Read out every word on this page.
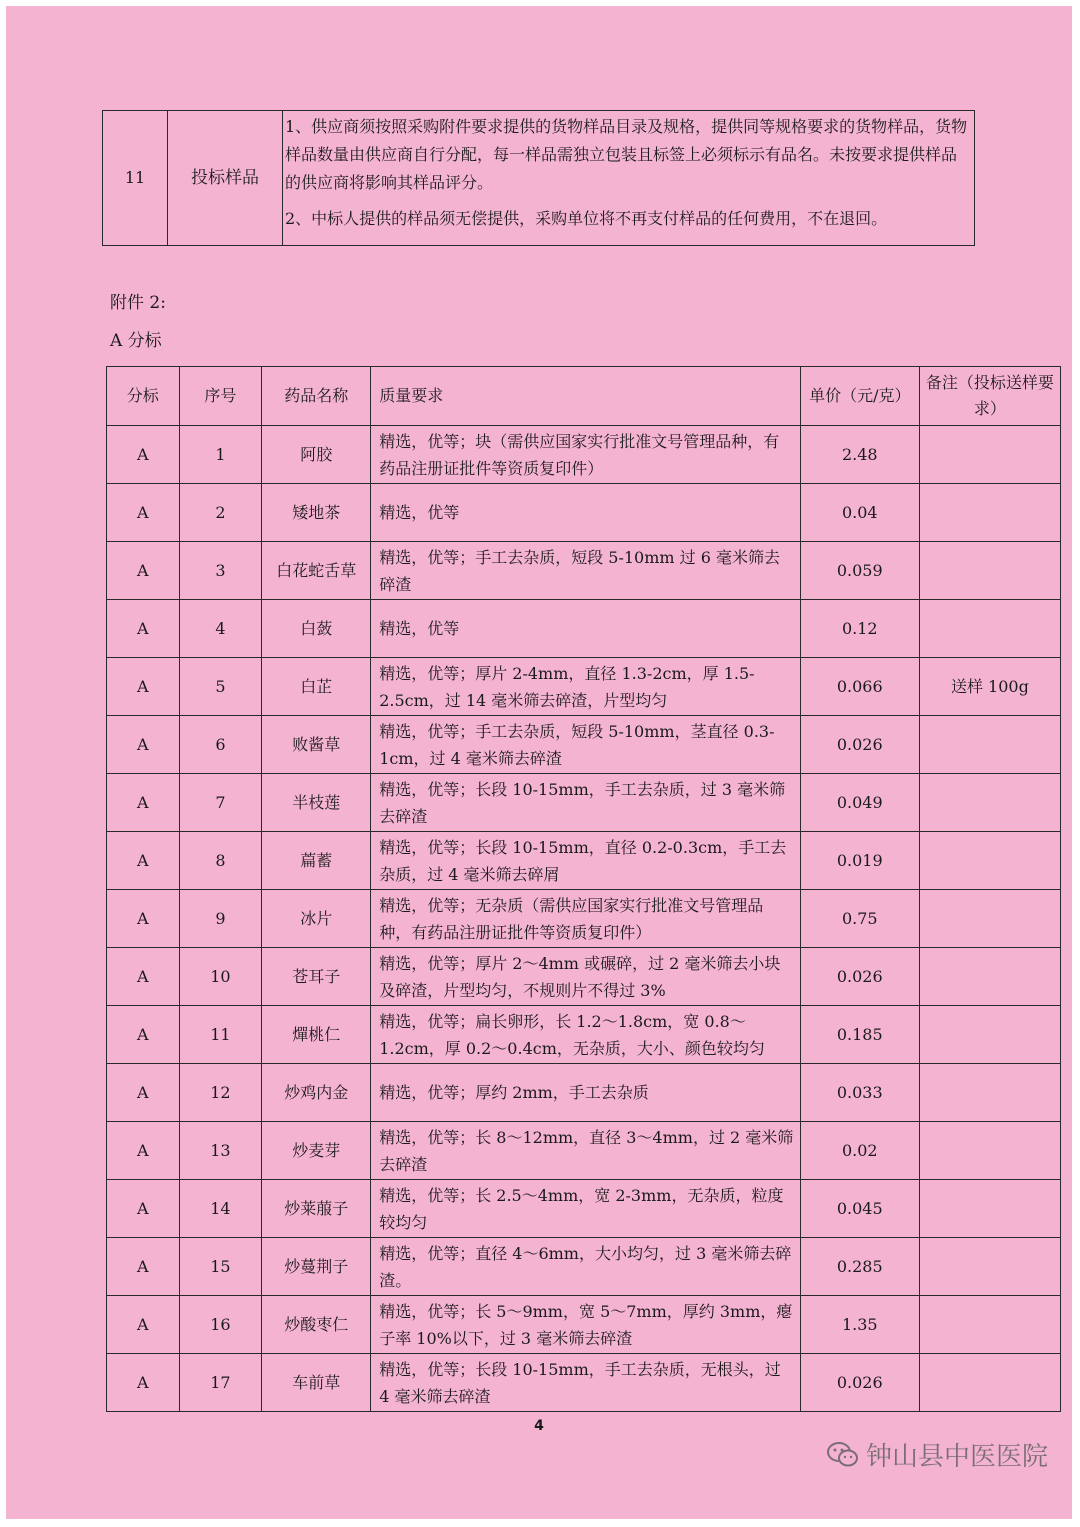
11	投标样品	

1、供应商须按照采购附件要求提供的货物样品目录及规格，提供同等规格要求的货物样品，货物样品数量由供应商自行分配，每一样品需独立包装且标签上必须标示有品名。未按要求提供样品的供应商将影响其样品评分。

2、中标人提供的样品须无偿提供，采购单位将不再支付样品的任何费用，不在退回。

附件 2:
A 分标
分标	序号	药品名称	质量要求	单价（元/克）	备注（投标送样要求）
A	1	阿胶	精选，优等；块（需供应国家实行批准文号管理品种，有药品注册证批件等资质复印件）	2.48	
A	2	矮地茶	精选，优等	0.04	
A	3	白花蛇舌草	精选，优等；手工去杂质，短段 5-10mm 过 6 毫米筛去碎渣	0.059	
A	4	白蔹	精选，优等	0.12	
A	5	白芷	精选，优等；厚片 2-4mm，直径 1.3-2cm，厚 1.5-2.5cm，过 14 毫米筛去碎渣，片型均匀	0.066	送样 100g
A	6	败酱草	精选，优等；手工去杂质，短段 5-10mm，茎直径 0.3-1cm，过 4 毫米筛去碎渣	0.026	
A	7	半枝莲	精选，优等；长段 10-15mm，手工去杂质，过 3 毫米筛去碎渣	0.049	
A	8	萹蓄	精选，优等；长段 10-15mm，直径 0.2-0.3cm，手工去杂质，过 4 毫米筛去碎屑	0.019	
A	9	冰片	精选，优等；无杂质（需供应国家实行批准文号管理品种，有药品注册证批件等资质复印件）	0.75	
A	10	苍耳子	精选，优等；厚片 2～4mm 或碾碎，过 2 毫米筛去小块及碎渣，片型均匀，不规则片不得过 3%	0.026	
A	11	燀桃仁	精选，优等；扁长卵形，长 1.2～1.8cm，宽 0.8～1.2cm，厚 0.2～0.4cm，无杂质，大小、颜色较均匀	0.185	
A	12	炒鸡内金	精选，优等；厚约 2mm，手工去杂质	0.033	
A	13	炒麦芽	精选，优等；长 8～12mm，直径 3～4mm，过 2 毫米筛去碎渣	0.02	
A	14	炒莱菔子	精选，优等；长 2.5～4mm，宽 2-3mm，无杂质，粒度较均匀	0.045	
A	15	炒蔓荆子	精选，优等；直径 4～6mm，大小均匀，过 3 毫米筛去碎渣。	0.285	
A	16	炒酸枣仁	精选，优等；长 5～9mm，宽 5～7mm，厚约 3mm，瘪子率 10%以下，过 3 毫米筛去碎渣	1.35	
A	17	车前草	精选，优等；长段 10-15mm，手工去杂质，无根头，过 4 毫米筛去碎渣	0.026	
4
钟山县中医医院
